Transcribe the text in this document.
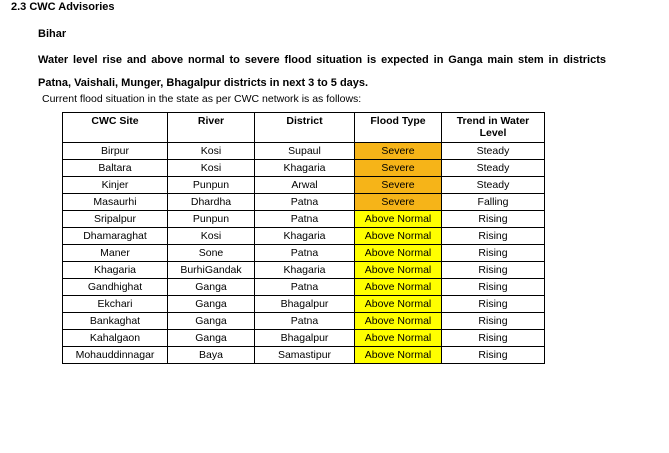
2.3 CWC Advisories
Bihar
Water level rise and above normal to severe flood situation is expected in Ganga main stem in districts Patna, Vaishali, Munger, Bhagalpur districts in next 3 to 5 days.
Current flood situation in the state as per CWC network is as follows:
CWC Site	River	District	Flood Type	Trend in Water Level
Birpur	Kosi	Supaul	Severe	Steady
Baltara	Kosi	Khagaria	Severe	Steady
Kinjer	Punpun	Arwal	Severe	Steady
Masaurhi	Dhardha	Patna	Severe	Falling
Sripalpur	Punpun	Patna	Above Normal	Rising
Dhamaraghat	Kosi	Khagaria	Above Normal	Rising
Maner	Sone	Patna	Above Normal	Rising
Khagaria	BurhiGandak	Khagaria	Above Normal	Rising
Gandhighat	Ganga	Patna	Above Normal	Rising
Ekchari	Ganga	Bhagalpur	Above Normal	Rising
Bankaghat	Ganga	Patna	Above Normal	Rising
Kahalgaon	Ganga	Bhagalpur	Above Normal	Rising
Mohauddinnagar	Baya	Samastipur	Above Normal	Rising
